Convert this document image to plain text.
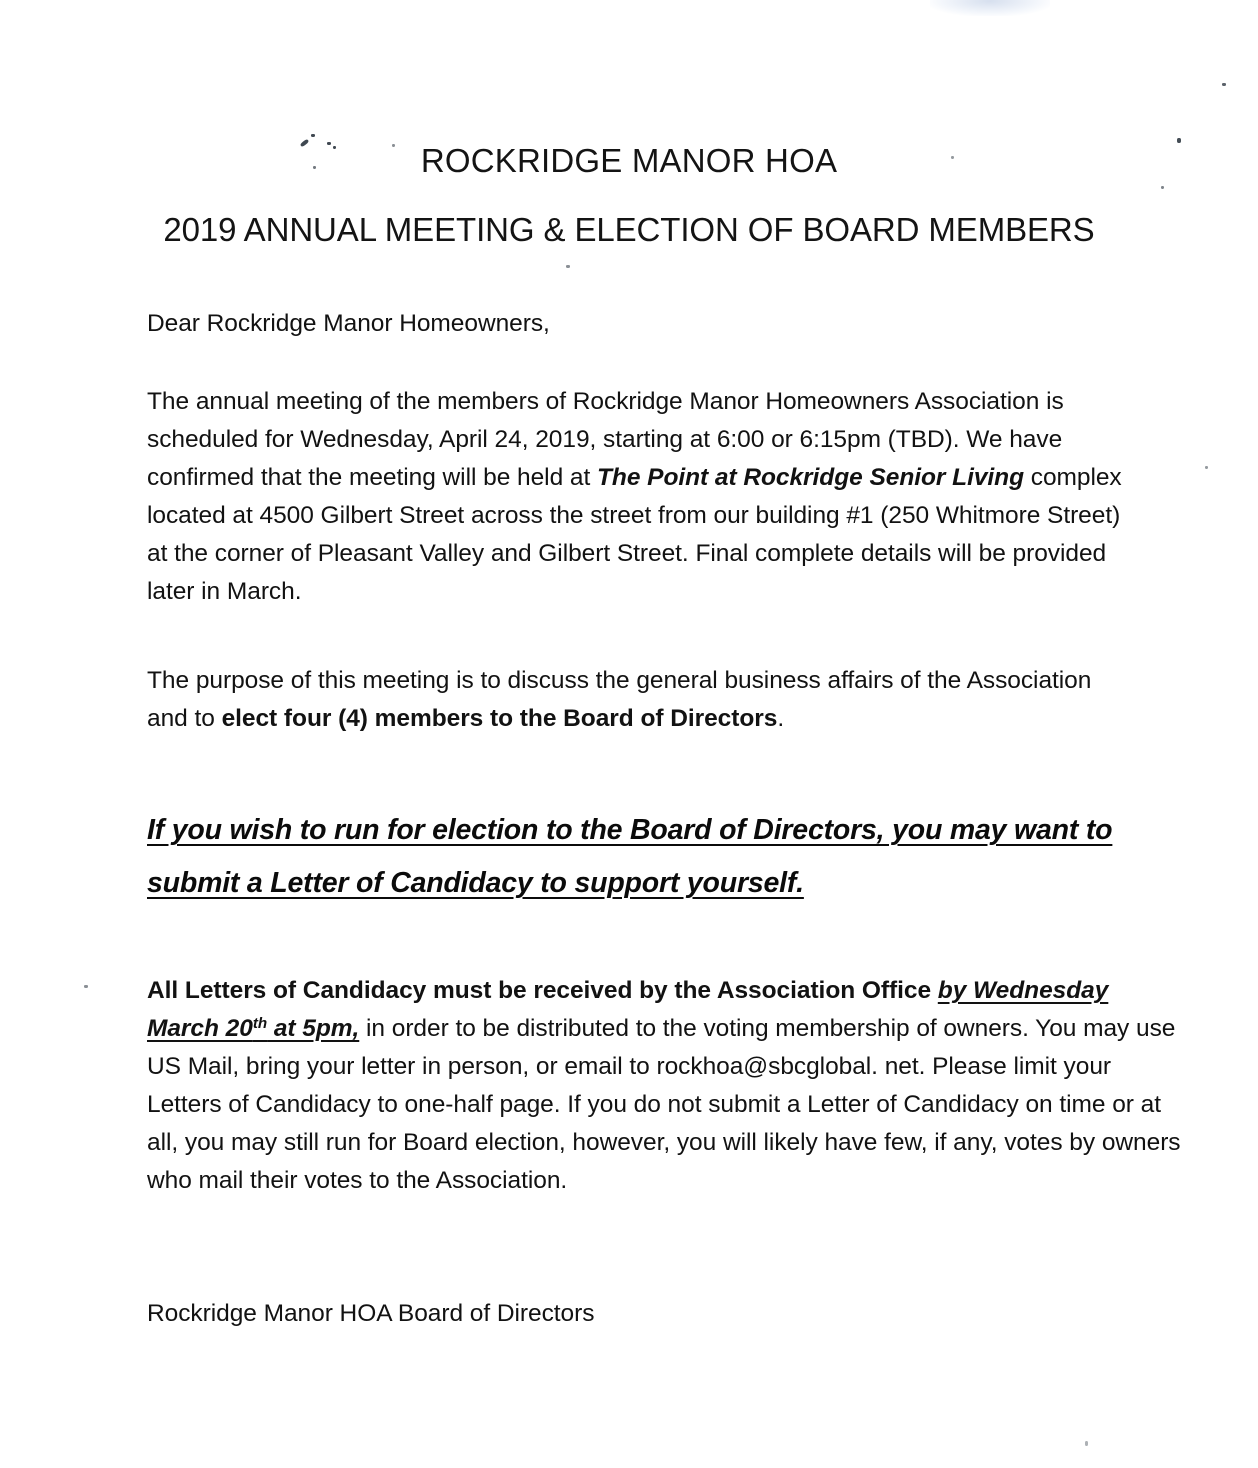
ROCKRIDGE MANOR HOA
2019 ANNUAL MEETING & ELECTION OF BOARD MEMBERS
Dear Rockridge Manor Homeowners,
The annual meeting of the members of Rockridge Manor Homeowners Association is scheduled for Wednesday, April 24, 2019, starting at 6:00 or 6:15pm (TBD). We have confirmed that the meeting will be held at The Point at Rockridge Senior Living complex located at 4500 Gilbert Street across the street from our building #1 (250 Whitmore Street) at the corner of Pleasant Valley and Gilbert Street. Final complete details will be provided later in March.
The purpose of this meeting is to discuss the general business affairs of the Association and to elect four (4) members to the Board of Directors.
If you wish to run for election to the Board of Directors, you may want to submit a Letter of Candidacy to support yourself.
All Letters of Candidacy must be received by the Association Office by Wednesday March 20th at 5pm, in order to be distributed to the voting membership of owners. You may use US Mail, bring your letter in person, or email to rockhoa@sbcglobal. net. Please limit your Letters of Candidacy to one-half page. If you do not submit a Letter of Candidacy on time or at all, you may still run for Board election, however, you will likely have few, if any, votes by owners who mail their votes to the Association.
Rockridge Manor HOA Board of Directors
